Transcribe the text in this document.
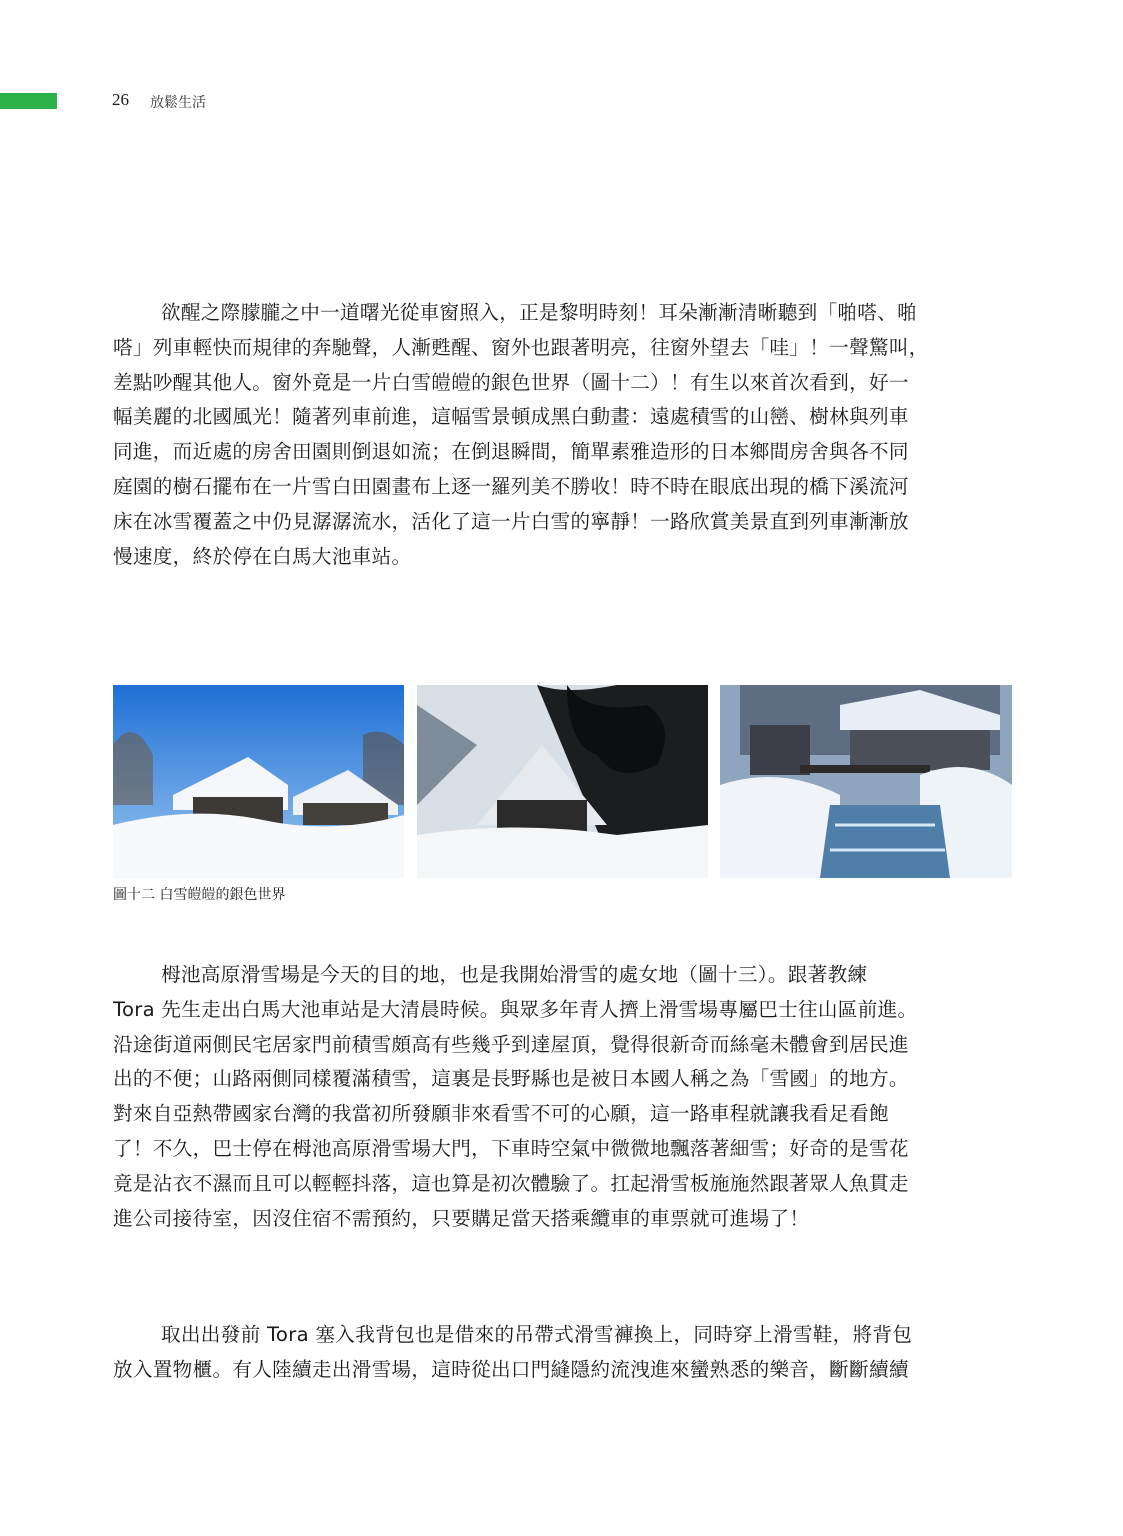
26 放鬆生活
欲醒之際朦朧之中一道曙光從車窗照入，正是黎明時刻！耳朵漸漸清晰聽到「啪嗒、啪
嗒」列車輕快而規律的奔馳聲，人漸甦醒、窗外也跟著明亮，往窗外望去「哇」！一聲驚叫，
差點吵醒其他人。窗外竟是一片白雪皚皚的銀色世界（圖十二）！有生以來首次看到，好一
幅美麗的北國風光！隨著列車前進，這幅雪景頓成黑白動畫：遠處積雪的山巒、樹林與列車
同進，而近處的房舍田園則倒退如流；在倒退瞬間，簡單素雅造形的日本鄉間房舍與各不同
庭園的樹石擺布在一片雪白田園畫布上逐一羅列美不勝收！時不時在眼底出現的橋下溪流河
床在冰雪覆蓋之中仍見潺潺流水，活化了這一片白雪的寧靜！一路欣賞美景直到列車漸漸放
慢速度，終於停在白馬大池車站。
圖十二 白雪皚皚的銀色世界
栂池高原滑雪場是今天的目的地，也是我開始滑雪的處女地（圖十三）。跟著教練
Tora 先生走出白馬大池車站是大清晨時候。與眾多年青人擠上滑雪場專屬巴士往山區前進。
沿途街道兩側民宅居家門前積雪頗高有些幾乎到達屋頂，覺得很新奇而絲毫未體會到居民進
出的不便；山路兩側同樣覆滿積雪，這裏是長野縣也是被日本國人稱之為「雪國」的地方。
對來自亞熱帶國家台灣的我當初所發願非來看雪不可的心願，這一路車程就讓我看足看飽
了！不久，巴士停在栂池高原滑雪場大門，下車時空氣中微微地飄落著細雪；好奇的是雪花
竟是沾衣不濕而且可以輕輕抖落，這也算是初次體驗了。扛起滑雪板施施然跟著眾人魚貫走
進公司接待室，因沒住宿不需預約，只要購足當天搭乘纜車的車票就可進場了！
取出出發前 Tora 塞入我背包也是借來的吊帶式滑雪褲換上，同時穿上滑雪鞋，將背包
放入置物櫃。有人陸續走出滑雪場，這時從出口門縫隱約流洩進來蠻熟悉的樂音，斷斷續續
